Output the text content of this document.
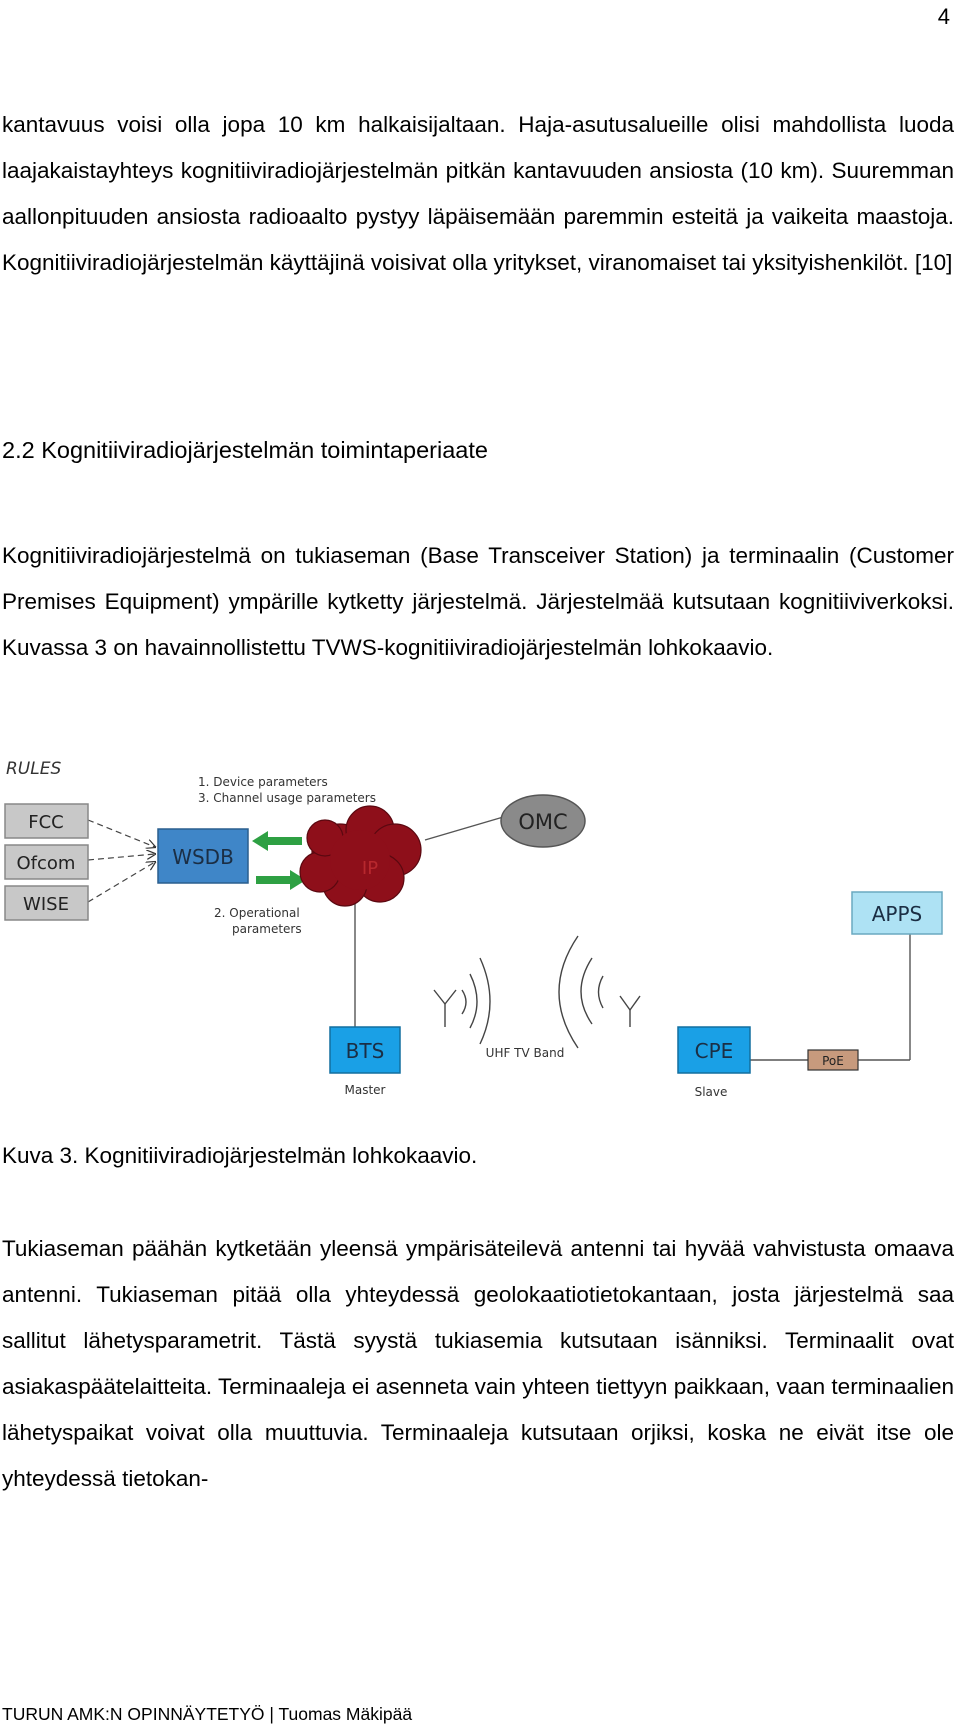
4

kantavuus voisi olla jopa 10 km halkaisijaltaan. Haja-asutusalueille olisi mahdollista luoda laajakaistayhteys kognitiiviradiojärjestelmän pitkän kantavuuden ansiosta (10 km). Suuremman aallonpituuden ansiosta radioaalto pystyy läpäisemään paremmin esteitä ja vaikeita maastoja. Kognitiiviradiojärjestelmän käyttäjinä voisivat olla yritykset, viranomaiset tai yksityishenkilöt. [10]

2.2 Kognitiiviradiojärjestelmän toimintaperiaate

Kognitiiviradiojärjestelmä on tukiaseman (Base Transceiver Station) ja terminaalin (Customer Premises Equipment) ympärille kytketty järjestelmä. Järjestelmää kutsutaan kognitiiviverkoksi. Kuvassa 3 on havainnollistettu TVWS-kognitiiviradiojärjestelmän lohkokaavio.

RULES
FCC
Ofcom
WISE
WSDB
1. Device parameters
3. Channel usage parameters
2. Operational
parameters
IP
OMC
APPS
BTS
Master
CPE
Slave
PoE
UHF TV Band

Kuva 3. Kognitiiviradiojärjestelmän lohkokaavio.

Tukiaseman päähän kytketään yleensä ympärisäteilevä antenni tai hyvää vahvistusta omaava antenni. Tukiaseman pitää olla yhteydessä geolokaatiotietokantaan, josta järjestelmä saa sallitut lähetysparametrit. Tästä syystä tukiasemia kutsutaan isänniksi. Terminaalit ovat asiakaspäätelaitteita. Terminaaleja ei asenneta vain yhteen tiettyyn paikkaan, vaan terminaalien lähetyspaikat voivat olla muuttuvia. Terminaaleja kutsutaan orjiksi, koska ne eivät itse ole yhteydessä tietokan-

TURUN AMK:N OPINNÄYTETYÖ | Tuomas Mäkipää
